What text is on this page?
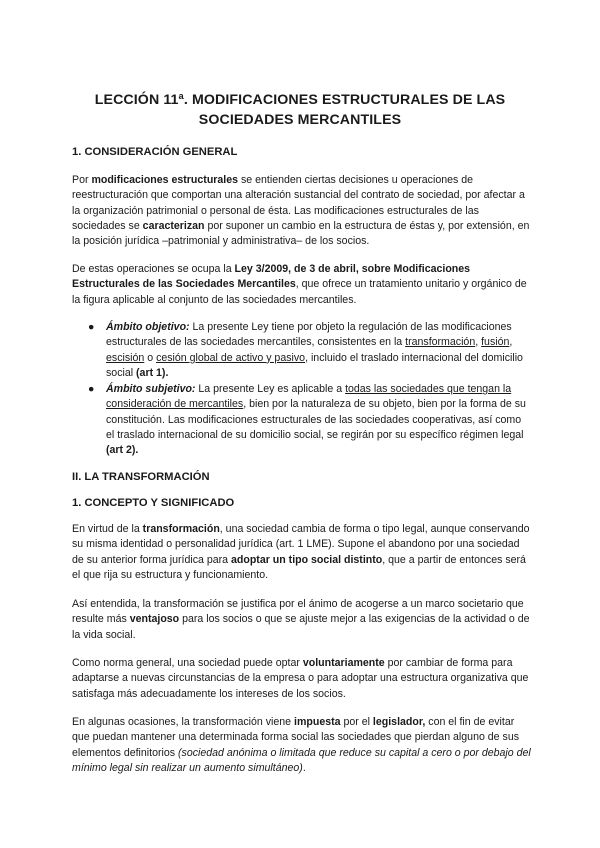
LECCIÓN 11ª. MODIFICACIONES ESTRUCTURALES DE LAS
SOCIEDADES MERCANTILES
1. CONSIDERACIÓN GENERAL

Por modificaciones estructurales se entienden ciertas decisiones u operaciones de reestructuración que comportan una alteración sustancial del contrato de sociedad, por afectar a la organización patrimonial o personal de ésta. Las modificaciones estructurales de las sociedades se caracterizan por suponer un cambio en la estructura de éstas y, por extensión, en la posición jurídica –patrimonial y administrativa– de los socios.

De estas operaciones se ocupa la Ley 3/2009, de 3 de abril, sobre Modificaciones Estructurales de las Sociedades Mercantiles, que ofrece un tratamiento unitario y orgánico de la figura aplicable al conjunto de las sociedades mercantiles.

● Ámbito objetivo: La presente Ley tiene por objeto la regulación de las modificaciones estructurales de las sociedades mercantiles, consistentes en la transformación, fusión, escisión o cesión global de activo y pasivo, incluido el traslado internacional del domicilio social (art 1).
● Ámbito subjetivo: La presente Ley es aplicable a todas las sociedades que tengan la consideración de mercantiles, bien por la naturaleza de su objeto, bien por la forma de su constitución. Las modificaciones estructurales de las sociedades cooperativas, así como el traslado internacional de su domicilio social, se regirán por su específico régimen legal (art 2).
II. LA TRANSFORMACIÓN
1. CONCEPTO Y SIGNIFICADO

En virtud de la transformación, una sociedad cambia de forma o tipo legal, aunque conservando su misma identidad o personalidad jurídica (art. 1 LME). Supone el abandono por una sociedad de su anterior forma jurídica para adoptar un tipo social distinto, que a partir de entonces será el que rija su estructura y funcionamiento.

Así entendida, la transformación se justifica por el ánimo de acogerse a un marco societario que resulte más ventajoso para los socios o que se ajuste mejor a las exigencias de la actividad o de la vida social.

Como norma general, una sociedad puede optar voluntariamente por cambiar de forma para adaptarse a nuevas circunstancias de la empresa o para adoptar una estructura organizativa que satisfaga más adecuadamente los intereses de los socios.

En algunas ocasiones, la transformación viene impuesta por el legislador, con el fin de evitar que puedan mantener una determinada forma social las sociedades que pierdan alguno de sus elementos definitorios (sociedad anónima o limitada que reduce su capital a cero o por debajo del mínimo legal sin realizar un aumento simultáneo).
